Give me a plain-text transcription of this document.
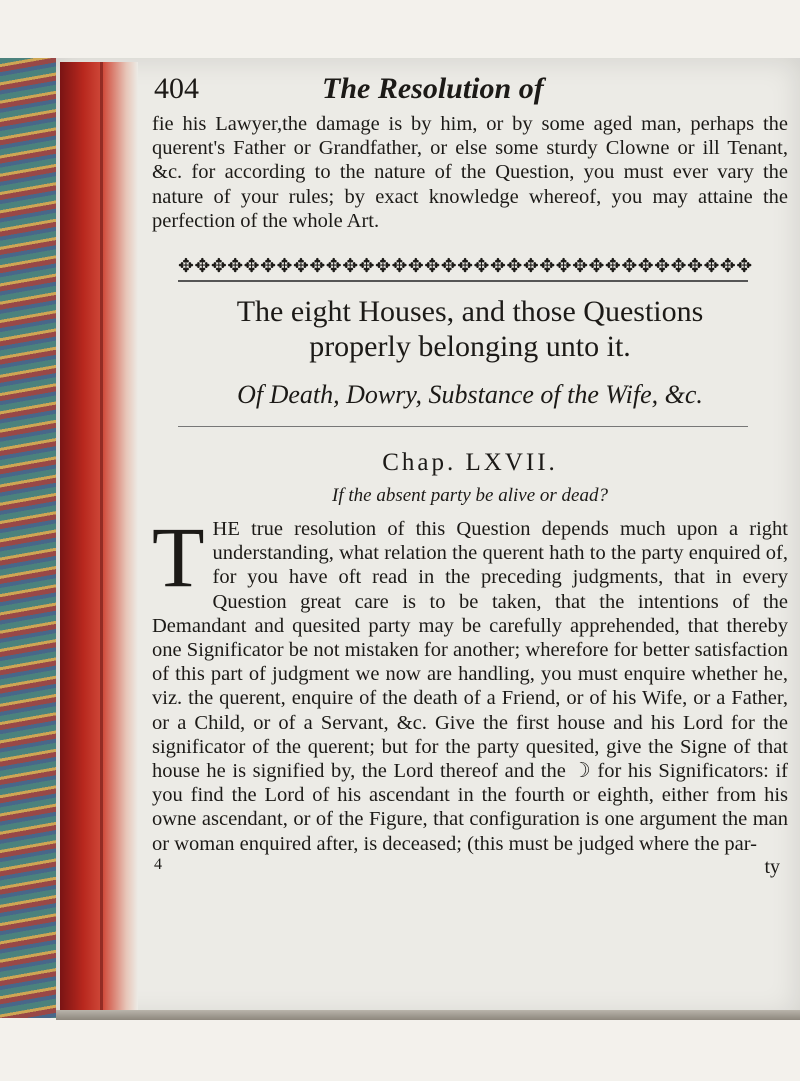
404	The Resolution of

fie his Lawyer,the damage is by him, or by some aged man, perhaps the querent's Father or Grandfather, or else some sturdy Clowne or ill Tenant, &c. for according to the nature of the Question, you must ever vary the nature of your rules; by exact knowledge whereof, you may attaine the perfection of the whole Art.

✥✥✥✥✥✥✥✥✥✥✥✥✥✥✥✥✥✥✥✥✥✥✥✥✥✥✥✥✥✥✥✥✥✥✥
The eight Houses, and those Questions
properly belonging unto it.
Of Death, Dowry, Substance of the Wife, &c.
Chap. LXVII.
If the absent party be alive or dead?
T HE true resolution of this Question depends much upon a right understanding, what relation the querent hath to the party enquired of, for you have oft read in the preceding judgments, that in every Question great care is to be taken, that the intentions of the Demandant and quesited party may be carefully apprehended, that thereby one Significator be not mistaken for another; wherefore for better satisfaction of this part of judgment we now are handling, you must enquire whether he, viz. the querent, enquire of the death of a Friend, or of his Wife, or a Father, or a Child, or of a Servant, &c. Give the first house and his Lord for the significator of the querent; but for the party quesited, give the Signe of that house he is signified by, the Lord thereof and the ☽ for his Significators: if you find the Lord of his ascendant in the fourth or eighth, either from his owne ascendant, or of the Figure, that configuration is one argument the man or woman enquired after, is deceased; (this must be judged where the par-

4	ty
